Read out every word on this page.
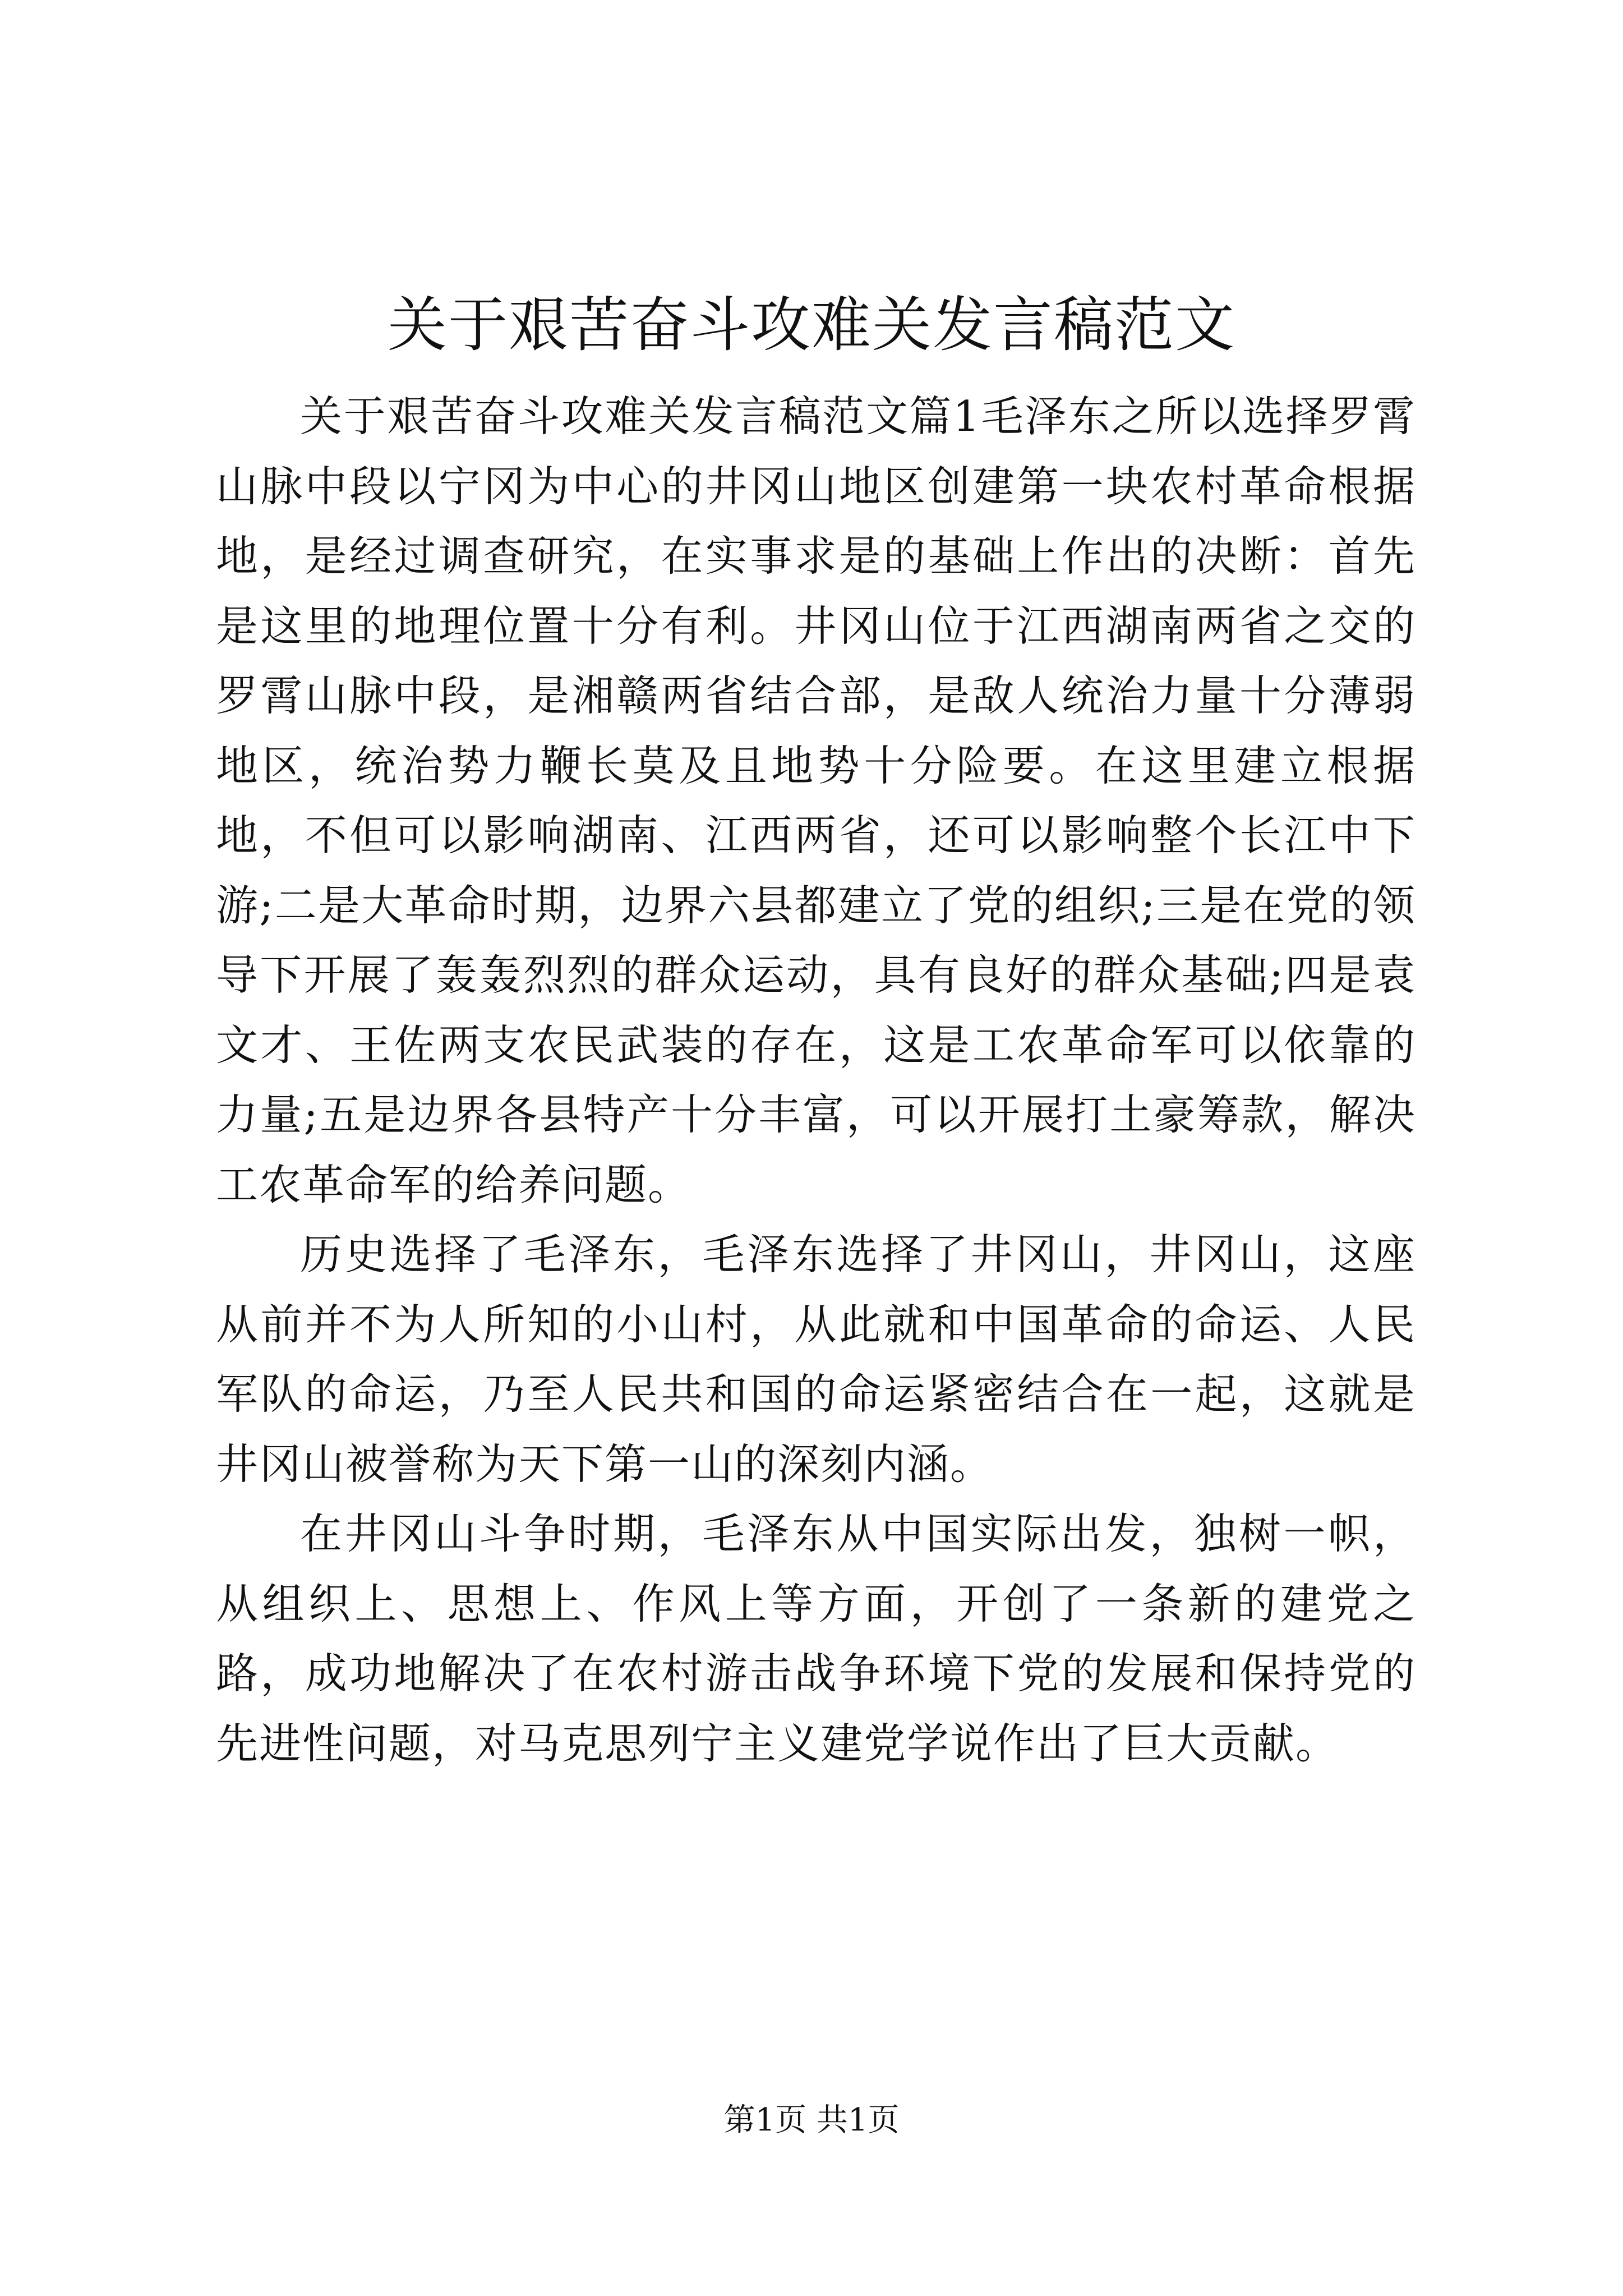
关于艰苦奋斗攻难关发言稿范文

关于艰苦奋斗攻难关发言稿范文篇1毛泽东之所以选择罗霄山脉中段以宁冈为中心的井冈山地区创建第一块农村革命根据地，是经过调查研究，在实事求是的基础上作出的决断：首先是这里的地理位置十分有利。井冈山位于江西湖南两省之交的罗霄山脉中段，是湘赣两省结合部，是敌人统治力量十分薄弱地区，统治势力鞭长莫及且地势十分险要。在这里建立根据地，不但可以影响湖南、江西两省，还可以影响整个长江中下游;二是大革命时期，边界六县都建立了党的组织;三是在党的领导下开展了轰轰烈烈的群众运动，具有良好的群众基础;四是袁文才、王佐两支农民武装的存在，这是工农革命军可以依靠的力量;五是边界各县特产十分丰富，可以开展打土豪筹款，解决工农革命军的给养问题。

历史选择了毛泽东，毛泽东选择了井冈山，井冈山，这座从前并不为人所知的小山村，从此就和中国革命的命运、人民军队的命运，乃至人民共和国的命运紧密结合在一起，这就是井冈山被誉称为天下第一山的深刻内涵。

在井冈山斗争时期，毛泽东从中国实际出发，独树一帜，从组织上、思想上、作风上等方面，开创了一条新的建党之路，成功地解决了在农村游击战争环境下党的发展和保持党的先进性问题，对马克思列宁主义建党学说作出了巨大贡献。

第1页 共1页
